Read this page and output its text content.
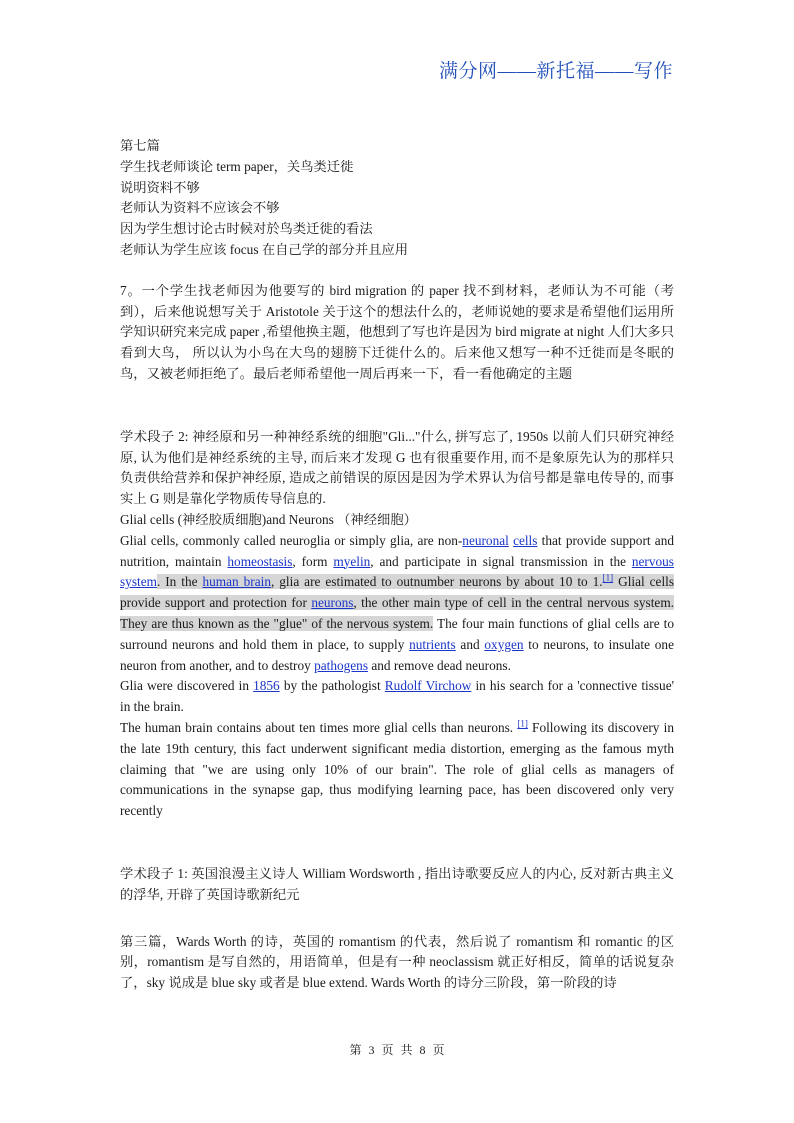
满分网——新托福——写作
第七篇
学生找老师谈论 term paper，关鸟类迁徙
说明资料不够
老师认为资料不应该会不够
因为学生想讨论古时候对於鸟类迁徙的看法
老师认为学生应该 focus 在自己学的部分并且应用

7。一个学生找老师因为他要写的 bird migration 的 paper 找不到材料，老师认为不可能（考到），后来他说想写关于 Aristotole 关于这个的想法什么的，老师说她的要求是希望他们运用所学知识研究来完成 paper ,希望他换主题，他想到了写也许是因为 bird migrate at night 人们大多只看到大鸟， 所以认为小鸟在大鸟的翅膀下迁徙什么的。后来他又想写一种不迁徙而是冬眠的鸟，又被老师拒绝了。最后老师希望他一周后再来一下，看一看他确定的主题

学术段子 2: 神经原和另一种神经系统的细胞"Gli..."什么, 拼写忘了, 1950s 以前人们只研究神经原, 认为他们是神经系统的主导, 而后来才发现 G 也有很重要作用, 而不是象原先认为的那样只负责供给营养和保护神经原, 造成之前错误的原因是因为学术界认为信号都是靠电传导的, 而事实上 G 则是靠化学物质传导信息的.

Glial cells (神经胶质细胞)and Neurons （神经细胞）

Glial cells, commonly called neuroglia or simply glia, are non-neuronal cells that provide support and nutrition, maintain homeostasis, form myelin, and participate in signal transmission in the nervous system. In the human brain, glia are estimated to outnumber neurons by about 10 to 1.[1] Glial cells provide support and protection for neurons, the other main type of cell in the central nervous system. They are thus known as the "glue" of the nervous system. The four main functions of glial cells are to surround neurons and hold them in place, to supply nutrients and oxygen to neurons, to insulate one neuron from another, and to destroy pathogens and remove dead neurons.

Glia were discovered in 1856 by the pathologist Rudolf Virchow in his search for a 'connective tissue' in the brain.

The human brain contains about ten times more glial cells than neurons. [1] Following its discovery in the late 19th century, this fact underwent significant media distortion, emerging as the famous myth claiming that "we are using only 10% of our brain". The role of glial cells as managers of communications in the synapse gap, thus modifying learning pace, has been discovered only very recently

学术段子 1: 英国浪漫主义诗人 William Wordsworth , 指出诗歌要反应人的内心, 反对新古典主义的浮华, 开辟了英国诗歌新纪元

第三篇，Wards Worth 的诗，英国的 romantism 的代表，然后说了 romantism 和 romantic 的区别，romantism 是写自然的，用语简单，但是有一种 neoclassism 就正好相反，简单的话说复杂了，sky 说成是 blue sky 或者是 blue extend. Wards Worth 的诗分三阶段，第一阶段的诗

第 3 页 共 8 页
